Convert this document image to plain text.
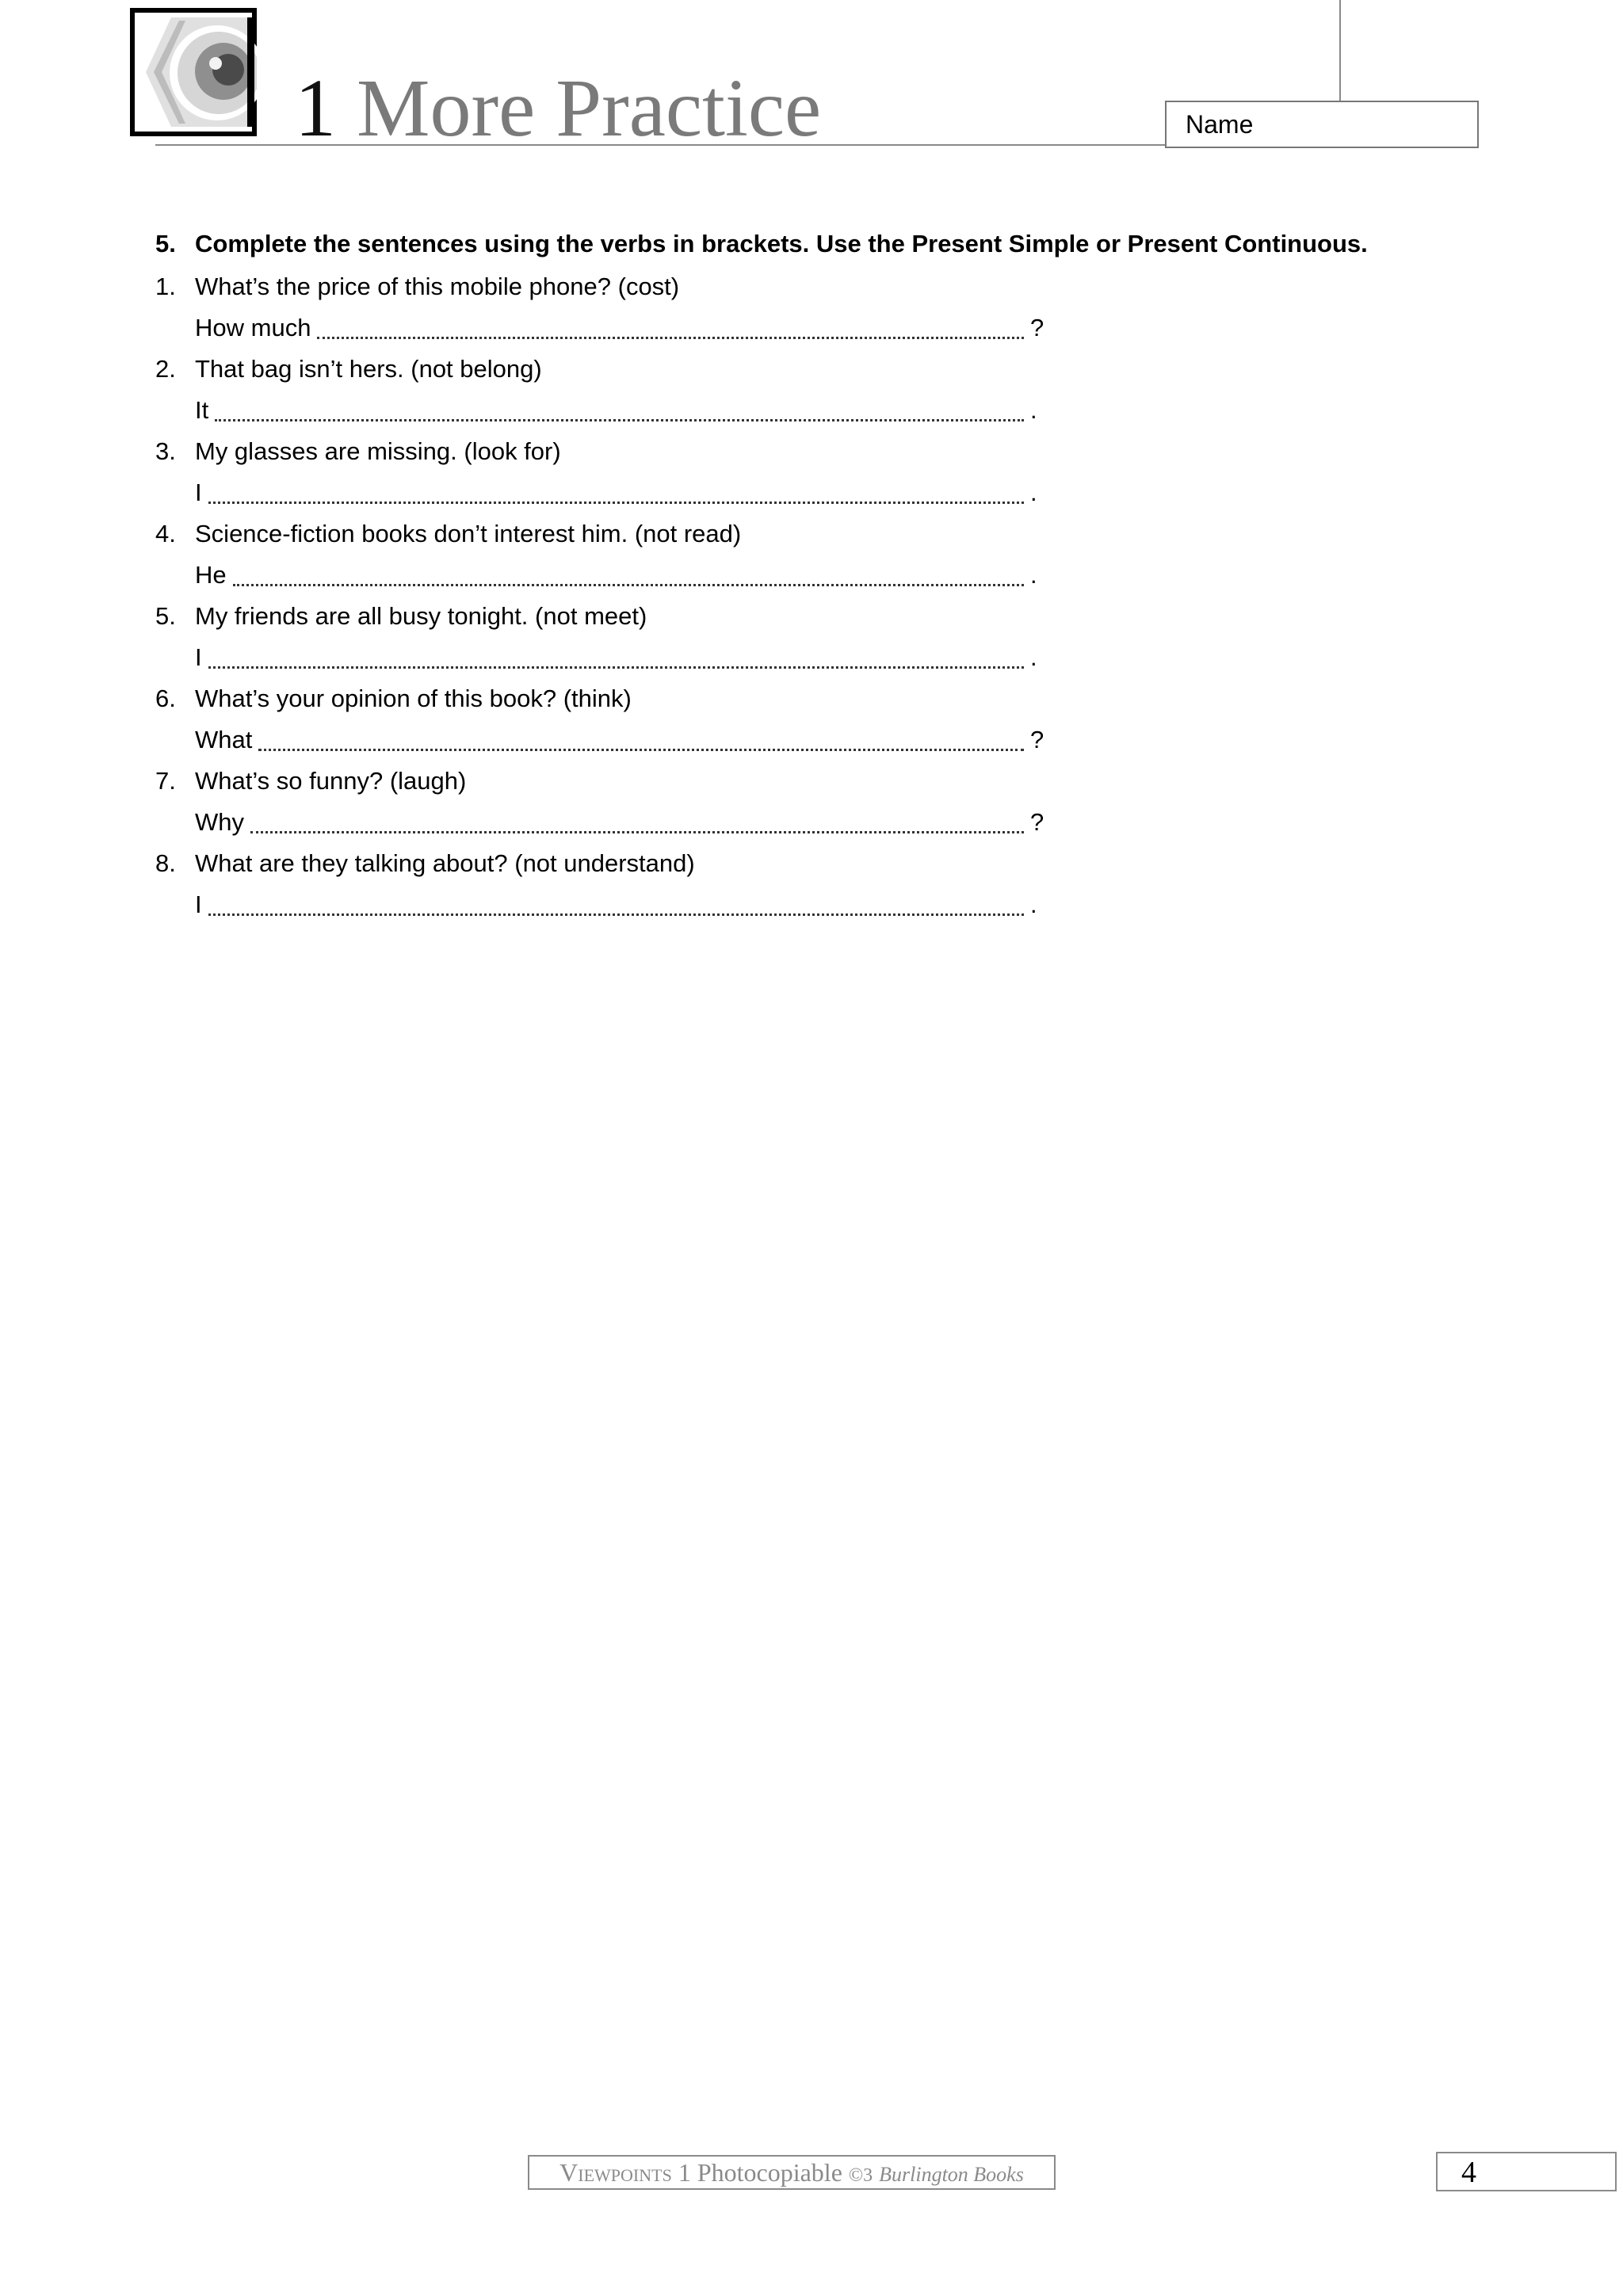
1 More Practice	Name
5. Complete the sentences using the verbs in brackets. Use the Present Simple or Present Continuous.
1. What’s the price of this mobile phone? (cost)
How much	?
2. That bag isn’t hers. (not belong)
It	.
3. My glasses are missing. (look for)
I	.
4. Science-fiction books don’t interest him. (not read)
He	.
5. My friends are all busy tonight. (not meet)
I	.
6. What’s your opinion of this book? (think)
What	?
7. What’s so funny? (laugh)
Why	?
8. What are they talking about? (not understand)
I	.
Viewpoints 1 Photocopiable ©3 Burlington Books	4
